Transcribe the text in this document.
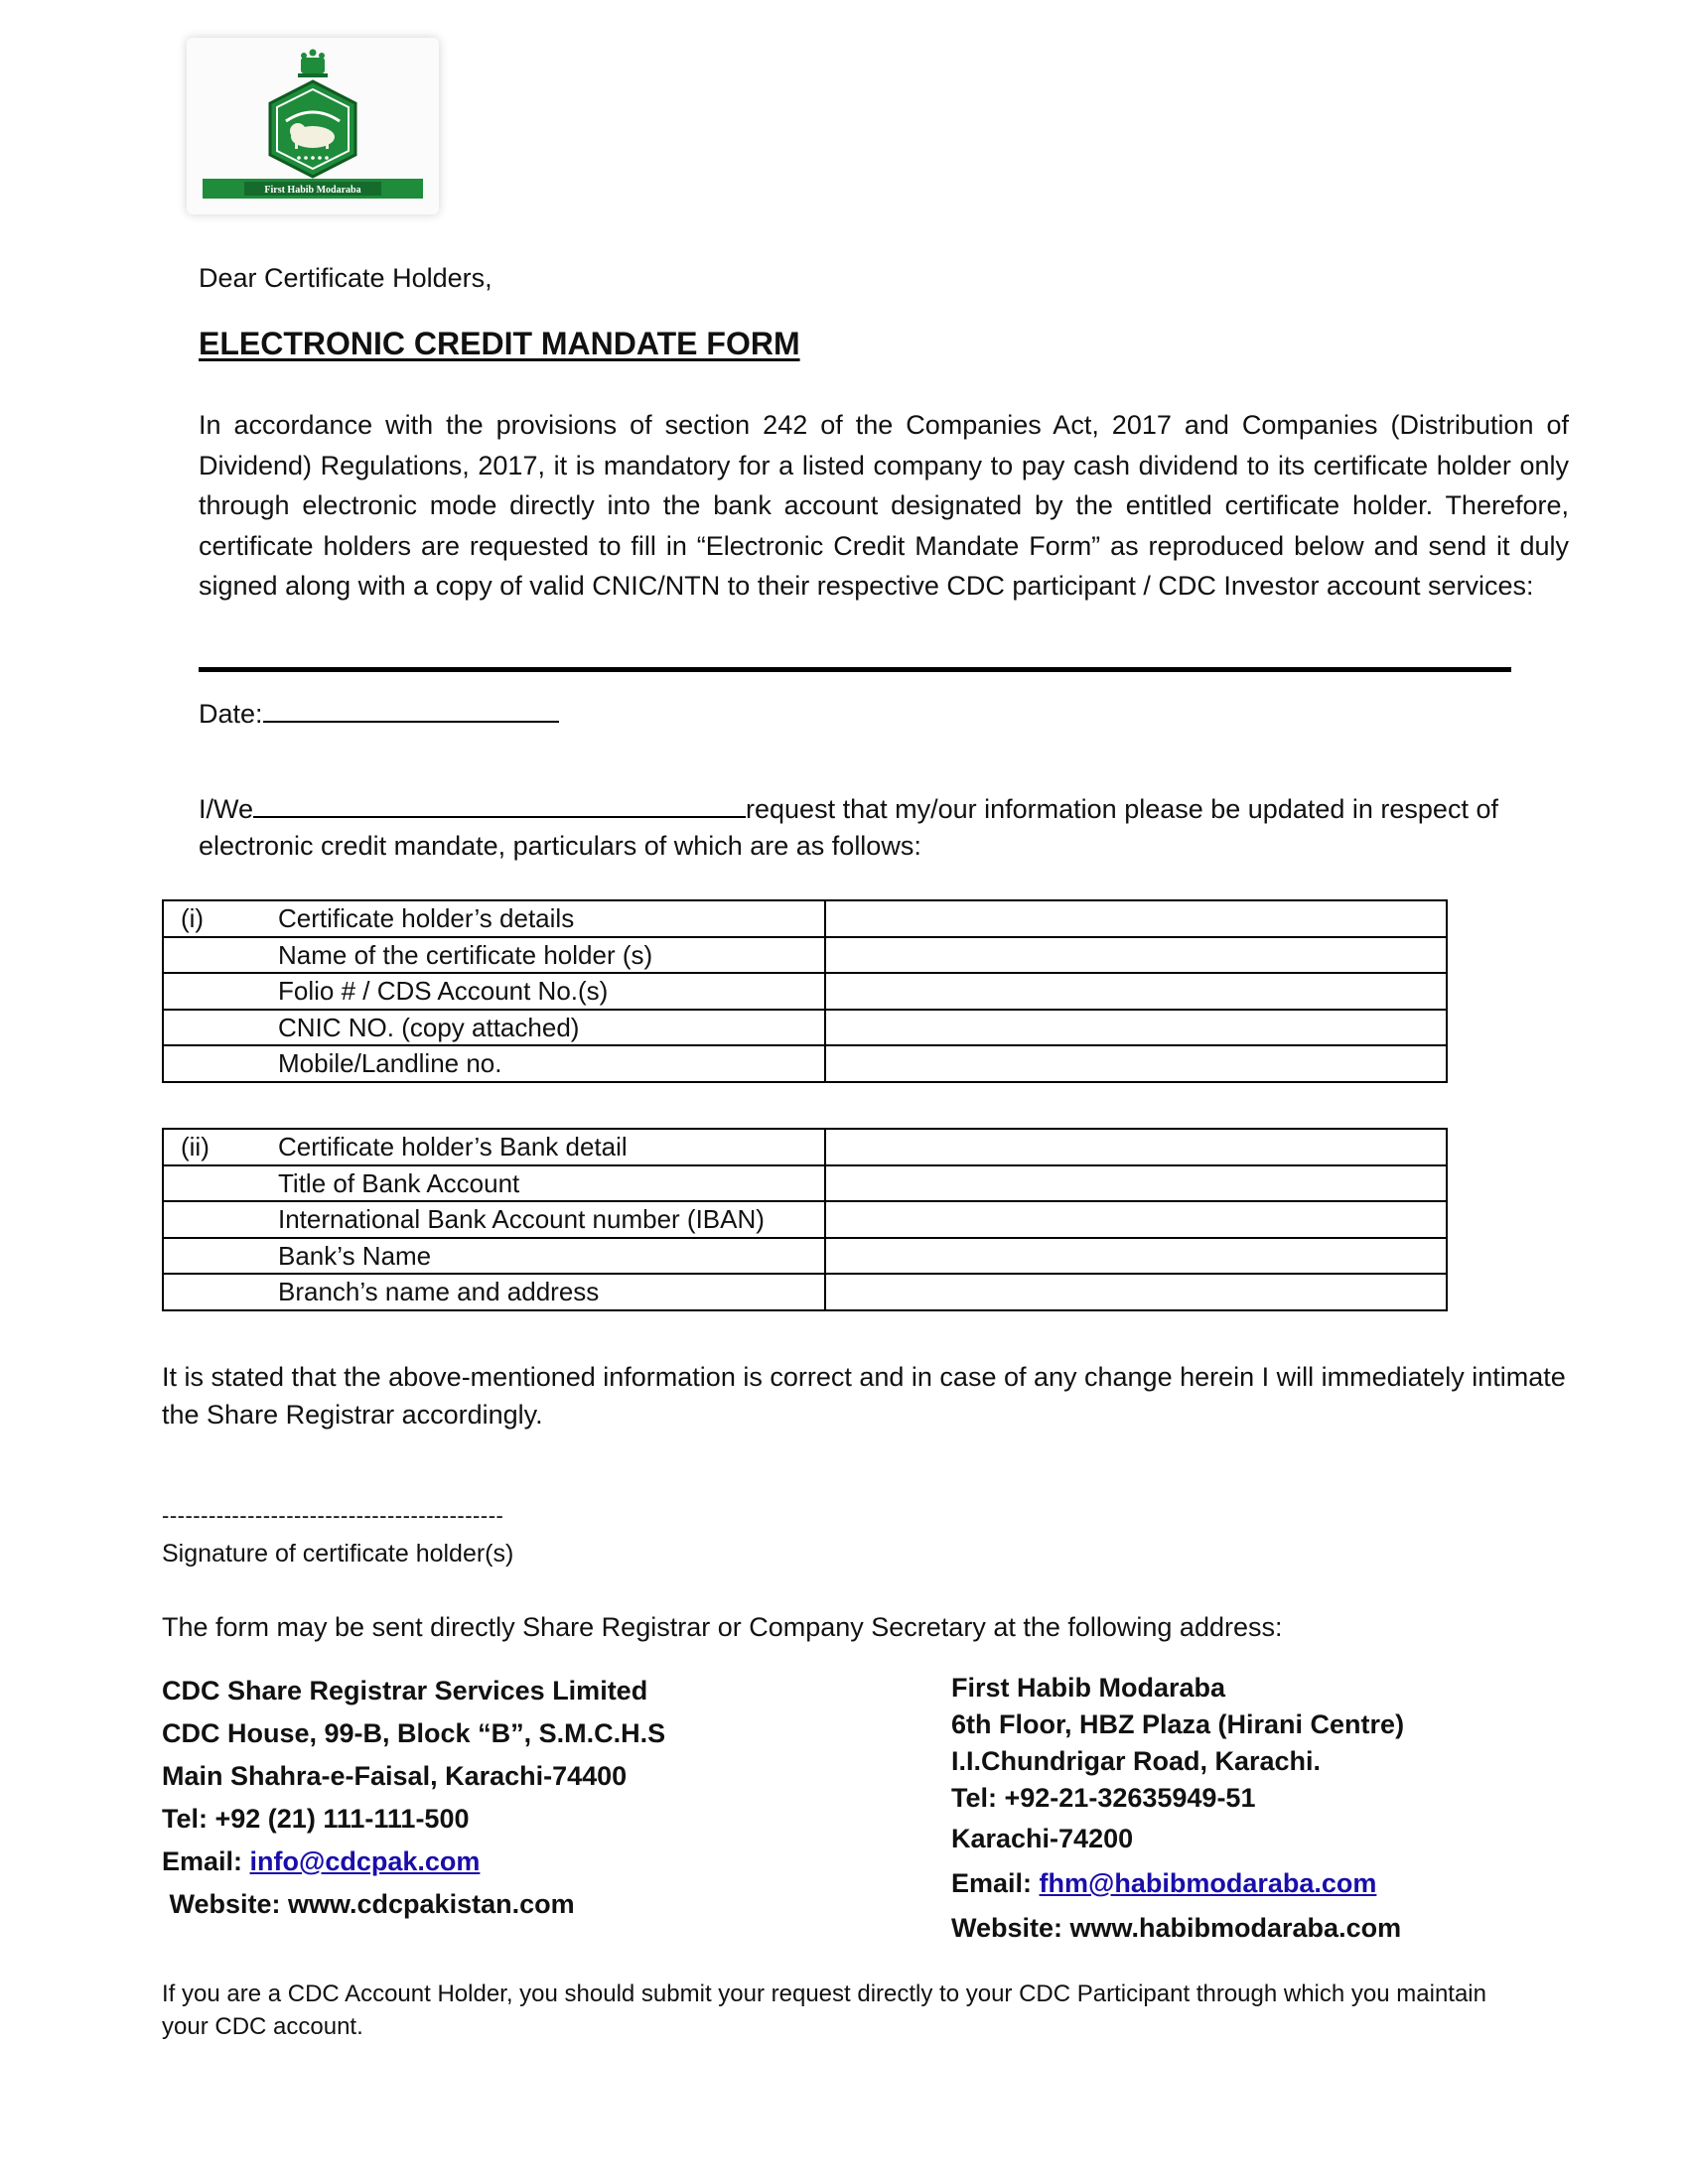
First Habib Modaraba
Dear Certificate Holders,
ELECTRONIC CREDIT MANDATE FORM
In accordance with the provisions of section 242 of the Companies Act, 2017 and Companies (Distribution of Dividend) Regulations, 2017, it is mandatory for a listed company to pay cash dividend to its certificate holder only through electronic mode directly into the bank account designated by the entitled certificate holder. Therefore, certificate holders are requested to fill in “Electronic Credit Mandate Form” as reproduced below and send it duly signed along with a copy of valid CNIC/NTN to their respective CDC participant / CDC Investor account services:
Date:
I/We	request that my/our information please be updated in respect of electronic credit mandate, particulars of which are as follows:
(i) Certificate holder’s details	
Name of the certificate holder (s)	
Folio # / CDS Account No.(s)	
CNIC NO. (copy attached)	
Mobile/Landline no.	
(ii) Certificate holder’s Bank detail	
Title of Bank Account	
International Bank Account number (IBAN)	
Bank’s Name	
Branch’s name and address	
It is stated that the above-mentioned information is correct and in case of any change herein I will immediately intimate the Share Registrar accordingly.
--------------------------------------------
Signature of certificate holder(s)
The form may be sent directly Share Registrar or Company Secretary at the following address:
CDC Share Registrar Services Limited
CDC House, 99-B, Block “B”, S.M.C.H.S
Main Shahra-e-Faisal, Karachi-74400
Tel: +92 (21) 111-111-500
Email: info@cdcpak.com
Website: www.cdcpakistan.com
First Habib Modaraba
6th Floor, HBZ Plaza (Hirani Centre)
I.I.Chundrigar Road, Karachi.
Tel: +92-21-32635949-51
Karachi-74200
Email: fhm@habibmodaraba.com
Website: www.habibmodaraba.com
If you are a CDC Account Holder, you should submit your request directly to your CDC Participant through which you maintain your CDC account.
